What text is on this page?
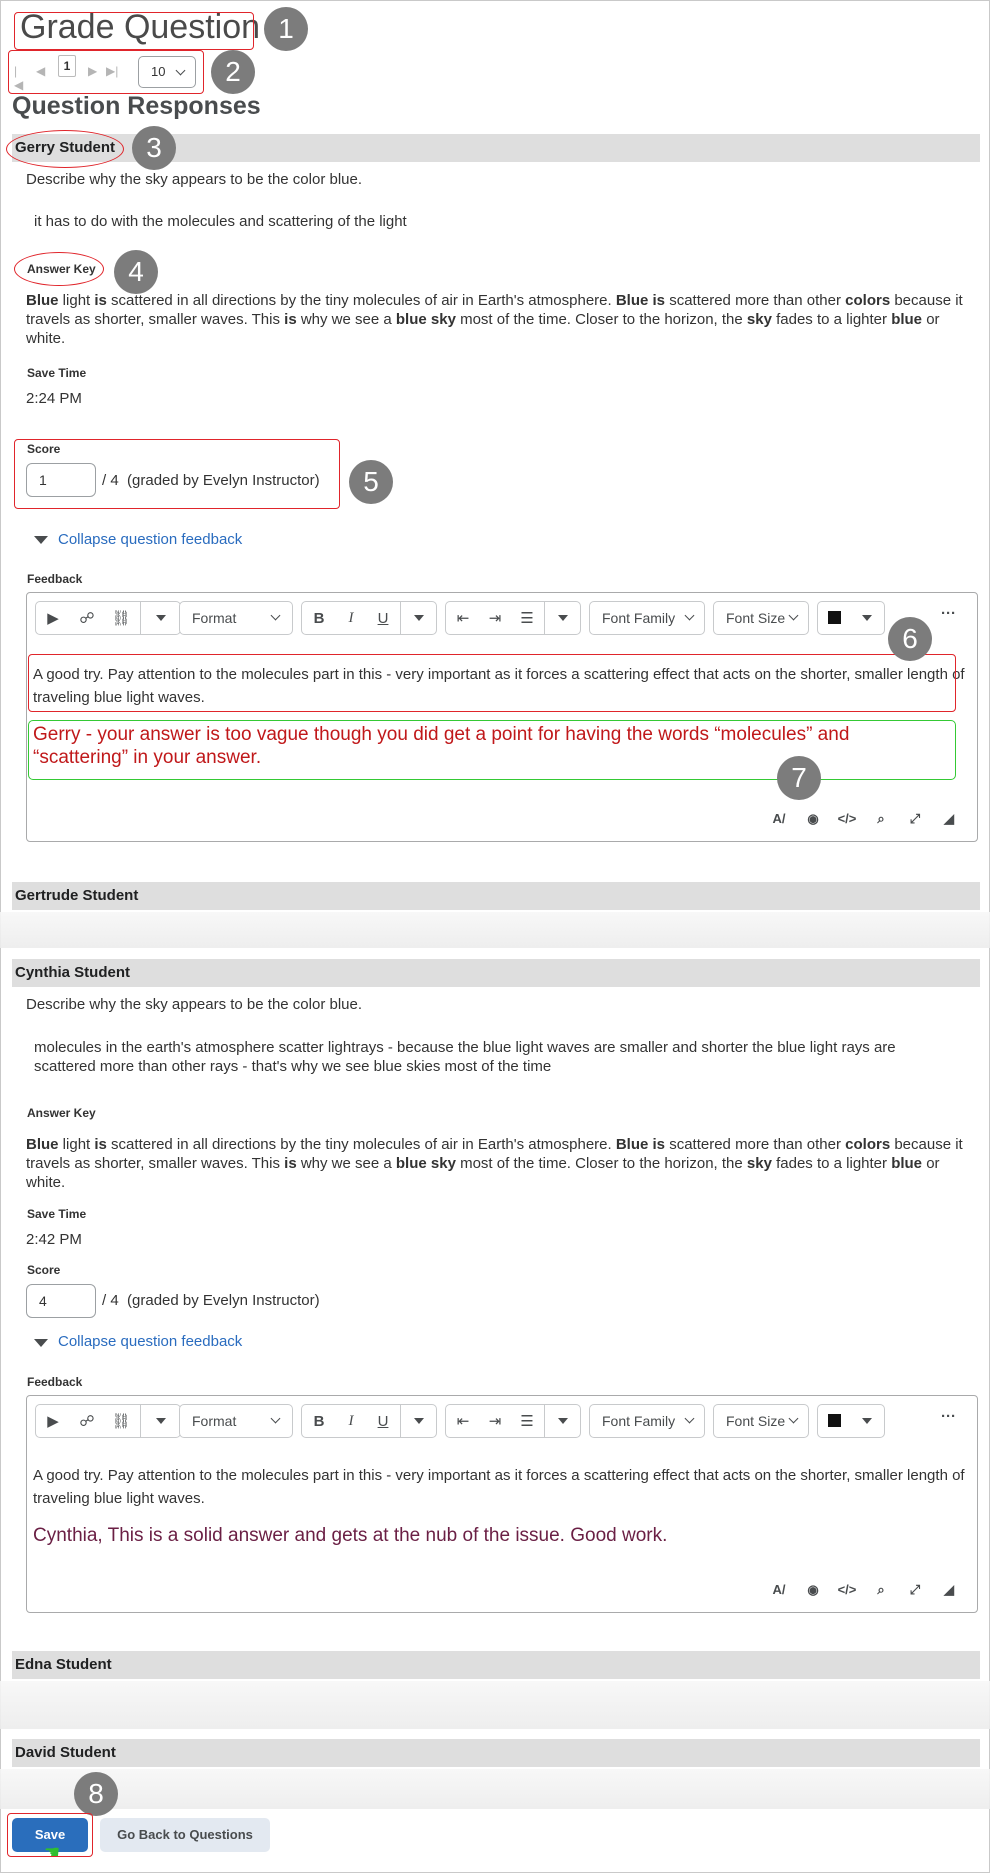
Grade Question 1
|◀
◀	1	▶ ▶|	10	2
Question Responses
Gerry Student	3
Describe why the sky appears to be the color blue.
it has to do with the molecules and scattering of the light
Answer Key	4
Blue light is scattered in all directions by the tiny molecules of air in Earth's atmosphere. Blue is scattered more than other colors because it travels as shorter, smaller waves. This is why we see a blue sky most of the time. Closer to the horizon, the sky fades to a lighter blue or white.
Save Time
2:24 PM
Score
1	/ 4 (graded by Evelyn Instructor)	5
Collapse question feedback
Feedback
▶	☍	⛓	Format	B	I	U	⇤	⇥	☰	Font Family	Font Size	···
A good try. Pay attention to the molecules part in this - very important as it forces a scattering effect that acts on the shorter, smaller length of traveling blue light waves.
Gerry - your answer is too vague though you did get a point for having the words “molecules” and “scattering” in your answer.
A/	◉	</>	⌕	⤢	◢
6
7
Gertrude Student
Cynthia Student
Describe why the sky appears to be the color blue.
molecules in the earth's atmosphere scatter lightrays - because the blue light waves are smaller and shorter the blue light rays are scattered more than other rays - that's why we see blue skies most of the time
Answer Key
Blue light is scattered in all directions by the tiny molecules of air in Earth's atmosphere. Blue is scattered more than other colors because it travels as shorter, smaller waves. This is why we see a blue sky most of the time. Closer to the horizon, the sky fades to a lighter blue or white.
Save Time
2:42 PM
Score
4	/ 4 (graded by Evelyn Instructor)
Collapse question feedback
Feedback
▶	☍	⛓	Format	B	I	U	⇤	⇥	☰	Font Family	Font Size	···
A good try. Pay attention to the molecules part in this - very important as it forces a scattering effect that acts on the shorter, smaller length of traveling blue light waves.
Cynthia, This is a solid answer and gets at the nub of the issue. Good work.
A/	◉	</>	⌕	⤢	◢
Edna Student
David Student
8
Save
☚
Go Back to Questions
